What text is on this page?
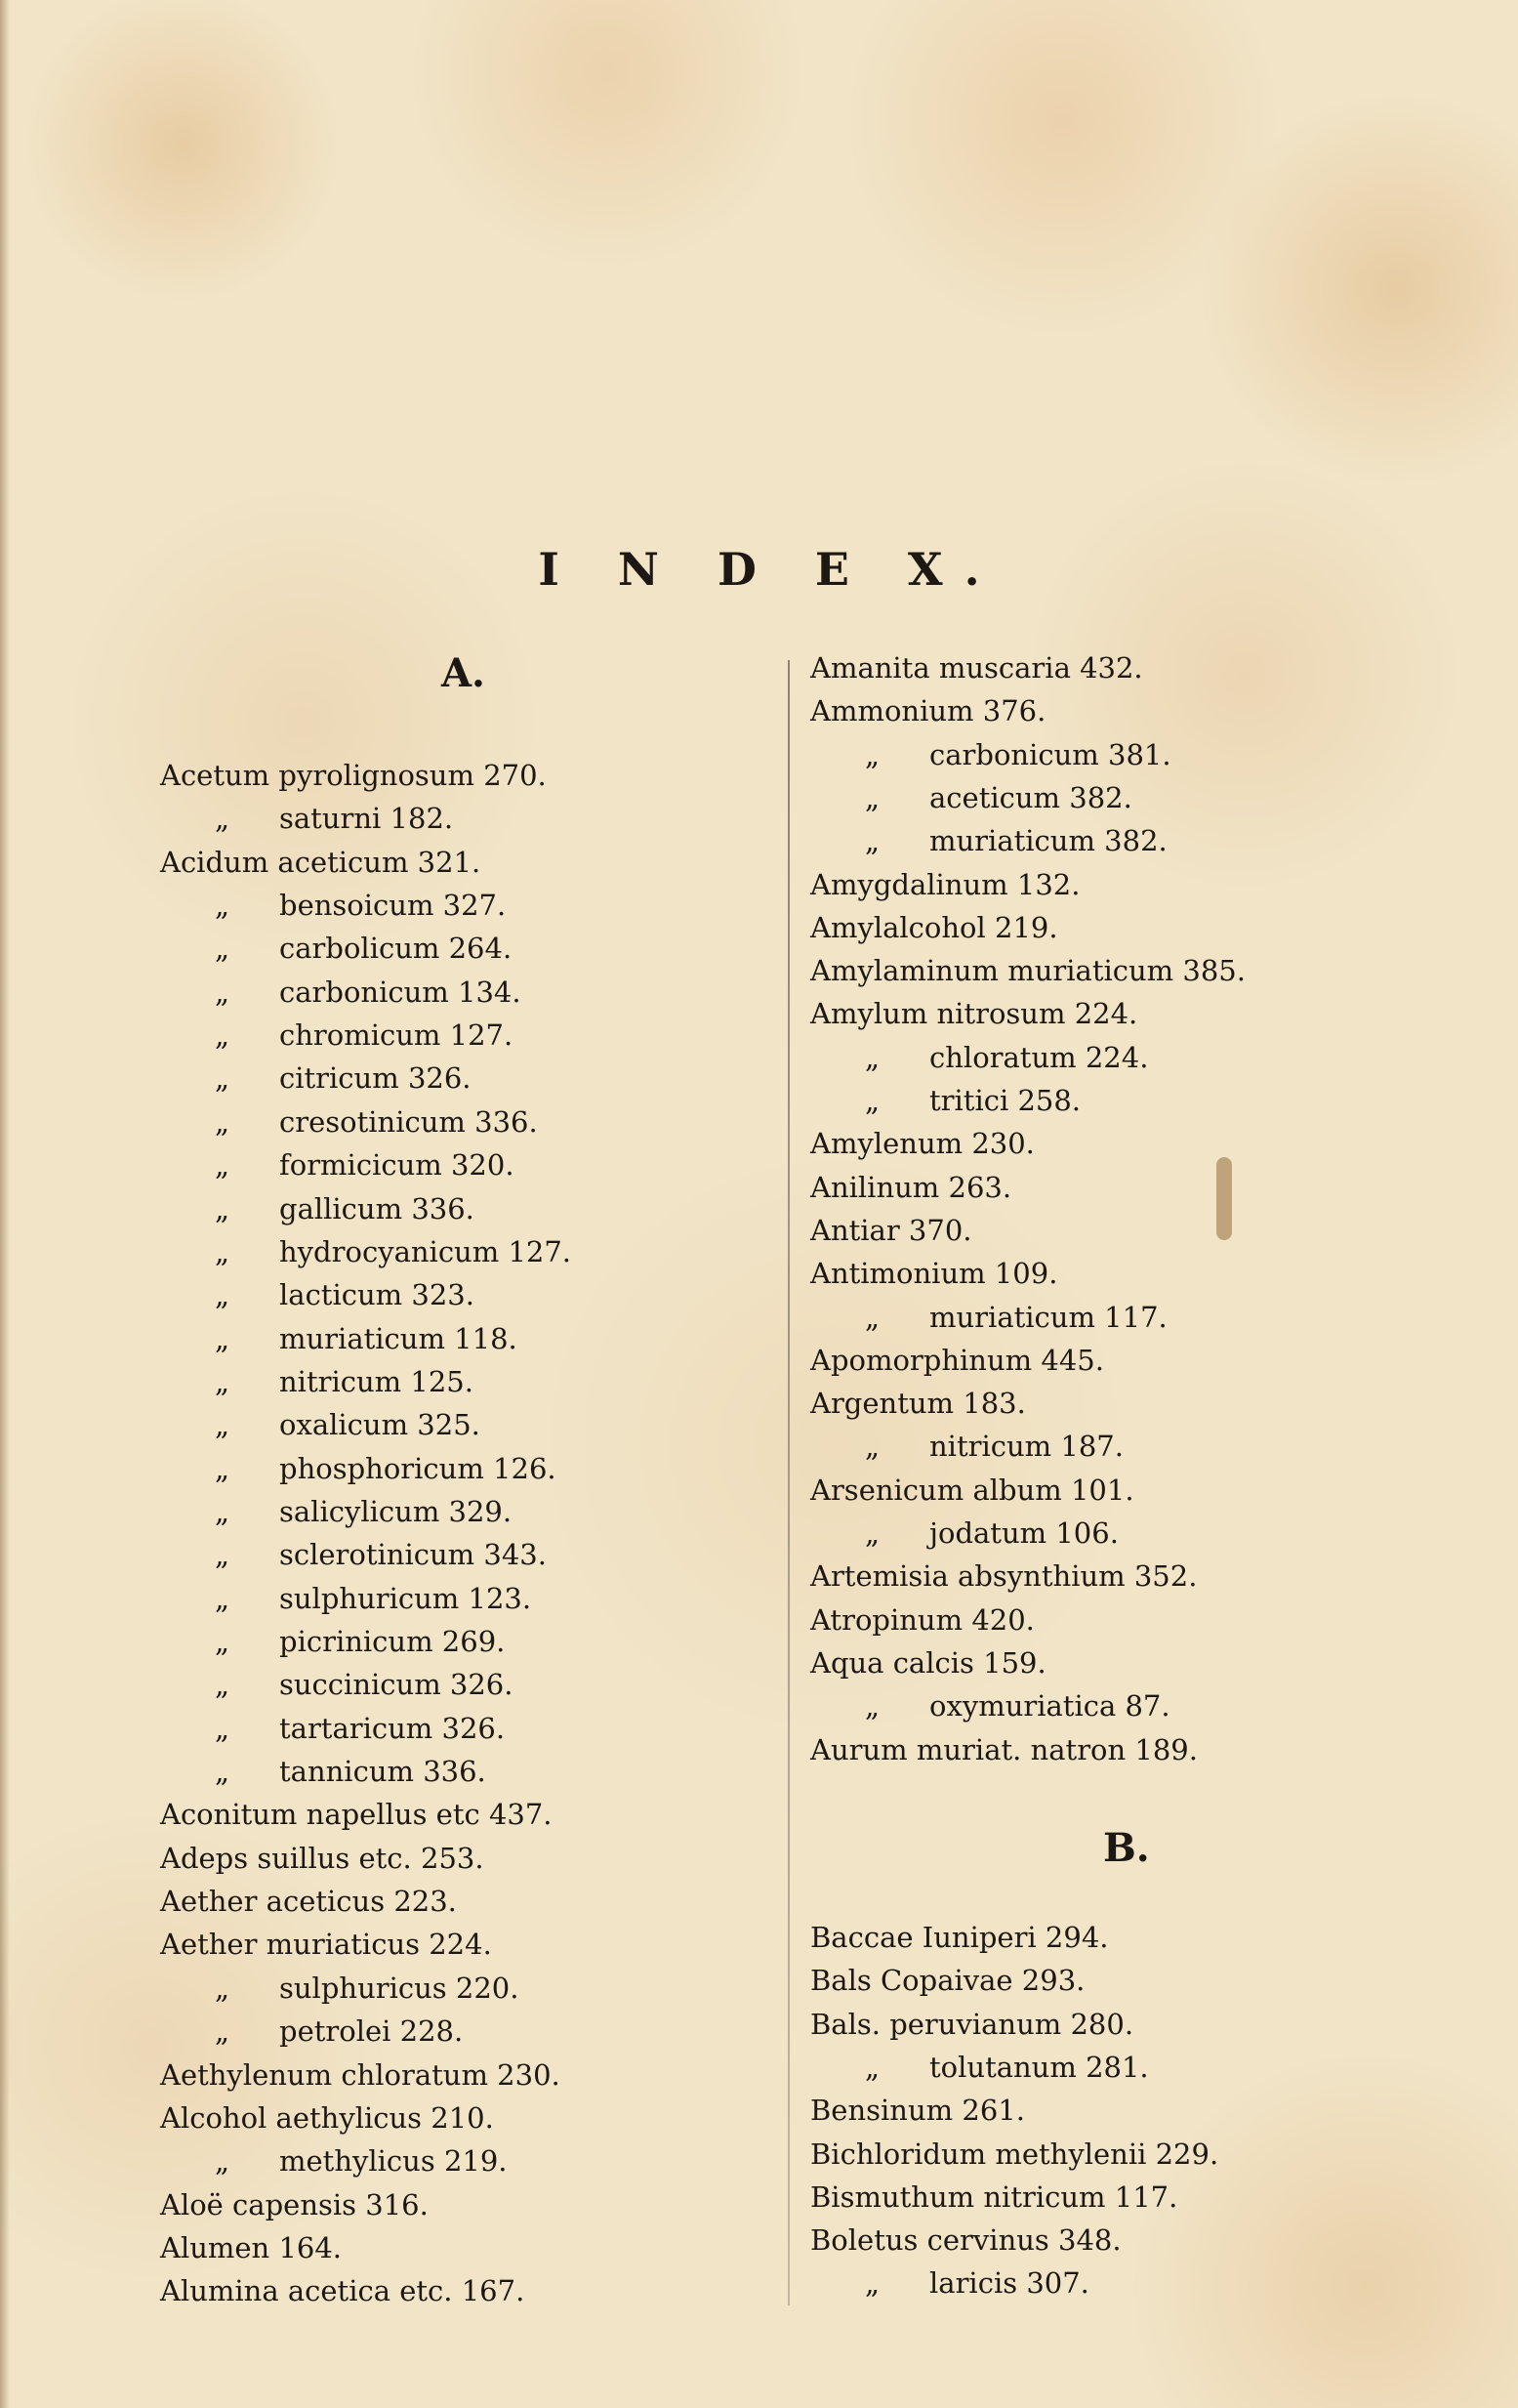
I N D E X.
A.
Acetum pyrolignosum 270.
„ saturni 182.
Acidum aceticum 321.
„ bensoicum 327.
„ carbolicum 264.
„ carbonicum 134.
„ chromicum 127.
„ citricum 326.
„ cresotinicum 336.
„ formicicum 320.
„ gallicum 336.
„ hydrocyanicum 127.
„ lacticum 323.
„ muriaticum 118.
„ nitricum 125.
„ oxalicum 325.
„ phosphoricum 126.
„ salicylicum 329.
„ sclerotinicum 343.
„ sulphuricum 123.
„ picrinicum 269.
„ succinicum 326.
„ tartaricum 326.
„ tannicum 336.
Aconitum napellus etc 437.
Adeps suillus etc. 253.
Aether aceticus 223.
Aether muriaticus 224.
„ sulphuricus 220.
„ petrolei 228.
Aethylenum chloratum 230.
Alcohol aethylicus 210.
„ methylicus 219.
Aloë capensis 316.
Alumen 164.
Alumina acetica etc. 167.
Amanita muscaria 432.
Ammonium 376.
„ carbonicum 381.
„ aceticum 382.
„ muriaticum 382.
Amygdalinum 132.
Amylalcohol 219.
Amylaminum muriaticum 385.
Amylum nitrosum 224.
„ chloratum 224.
„ tritici 258.
Amylenum 230.
Anilinum 263.
Antiar 370.
Antimonium 109.
„ muriaticum 117.
Apomorphinum 445.
Argentum 183.
„ nitricum 187.
Arsenicum album 101.
„ jodatum 106.
Artemisia absynthium 352.
Atropinum 420.
Aqua calcis 159.
„ oxymuriatica 87.
Aurum muriat. natron 189.
B.
Baccae Iuniperi 294.
Bals Copaivae 293.
Bals. peruvianum 280.
„ tolutanum 281.
Bensinum 261.
Bichloridum methylenii 229.
Bismuthum nitricum 117.
Boletus cervinus 348.
„ laricis 307.
